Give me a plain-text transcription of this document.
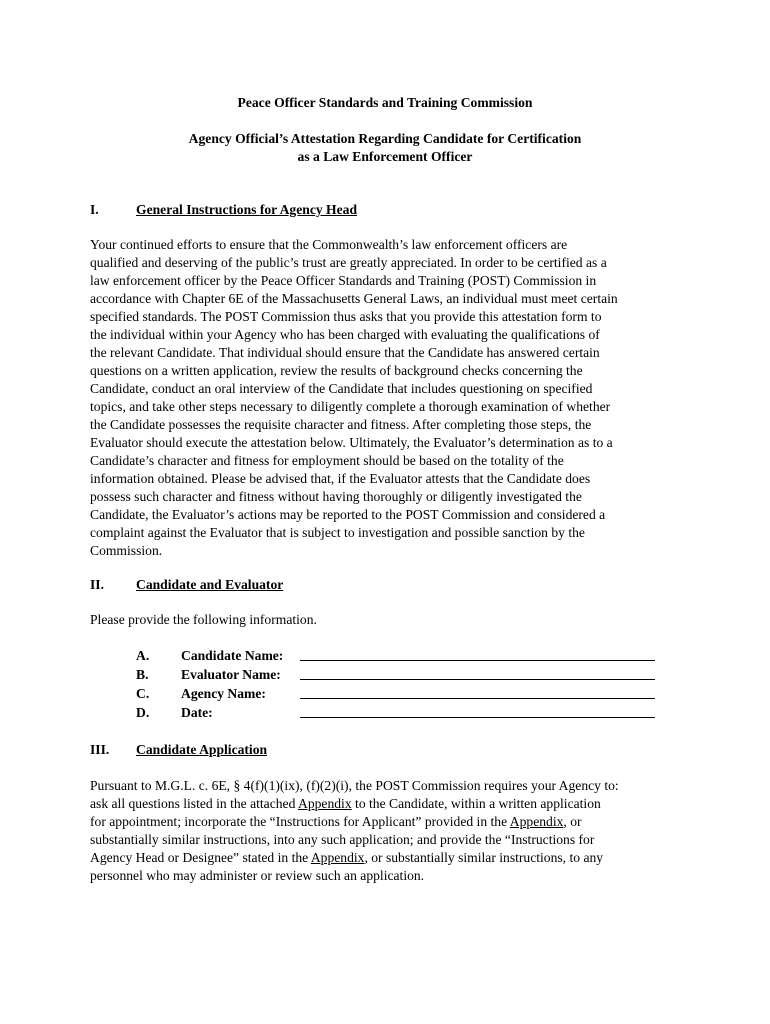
Peace Officer Standards and Training Commission
Agency Official’s Attestation Regarding Candidate for Certification
as a Law Enforcement Officer
I.	General Instructions for Agency Head
Your continued efforts to ensure that the Commonwealth’s law enforcement officers are
qualified and deserving of the public’s trust are greatly appreciated. In order to be certified as a
law enforcement officer by the Peace Officer Standards and Training (POST) Commission in
accordance with Chapter 6E of the Massachusetts General Laws, an individual must meet certain
specified standards. The POST Commission thus asks that you provide this attestation form to
the individual within your Agency who has been charged with evaluating the qualifications of
the relevant Candidate. That individual should ensure that the Candidate has answered certain
questions on a written application, review the results of background checks concerning the
Candidate, conduct an oral interview of the Candidate that includes questioning on specified
topics, and take other steps necessary to diligently complete a thorough examination of whether
the Candidate possesses the requisite character and fitness. After completing those steps, the
Evaluator should execute the attestation below. Ultimately, the Evaluator’s determination as to a
Candidate’s character and fitness for employment should be based on the totality of the
information obtained. Please be advised that, if the Evaluator attests that the Candidate does
possess such character and fitness without having thoroughly or diligently investigated the
Candidate, the Evaluator’s actions may be reported to the POST Commission and considered a
complaint against the Evaluator that is subject to investigation and possible sanction by the
Commission.
II. Candidate and Evaluator
Please provide the following information.
A. Candidate Name:
B. Evaluator Name:
C. Agency Name:
D. Date:
III. Candidate Application
Pursuant to M.G.L. c. 6E, § 4(f)(1)(ix), (f)(2)(i), the POST Commission requires your Agency to:
ask all questions listed in the attached Appendix to the Candidate, within a written application
for appointment; incorporate the “Instructions for Applicant” provided in the Appendix, or
substantially similar instructions, into any such application; and provide the “Instructions for
Agency Head or Designee” stated in the Appendix, or substantially similar instructions, to any
personnel who may administer or review such an application.
